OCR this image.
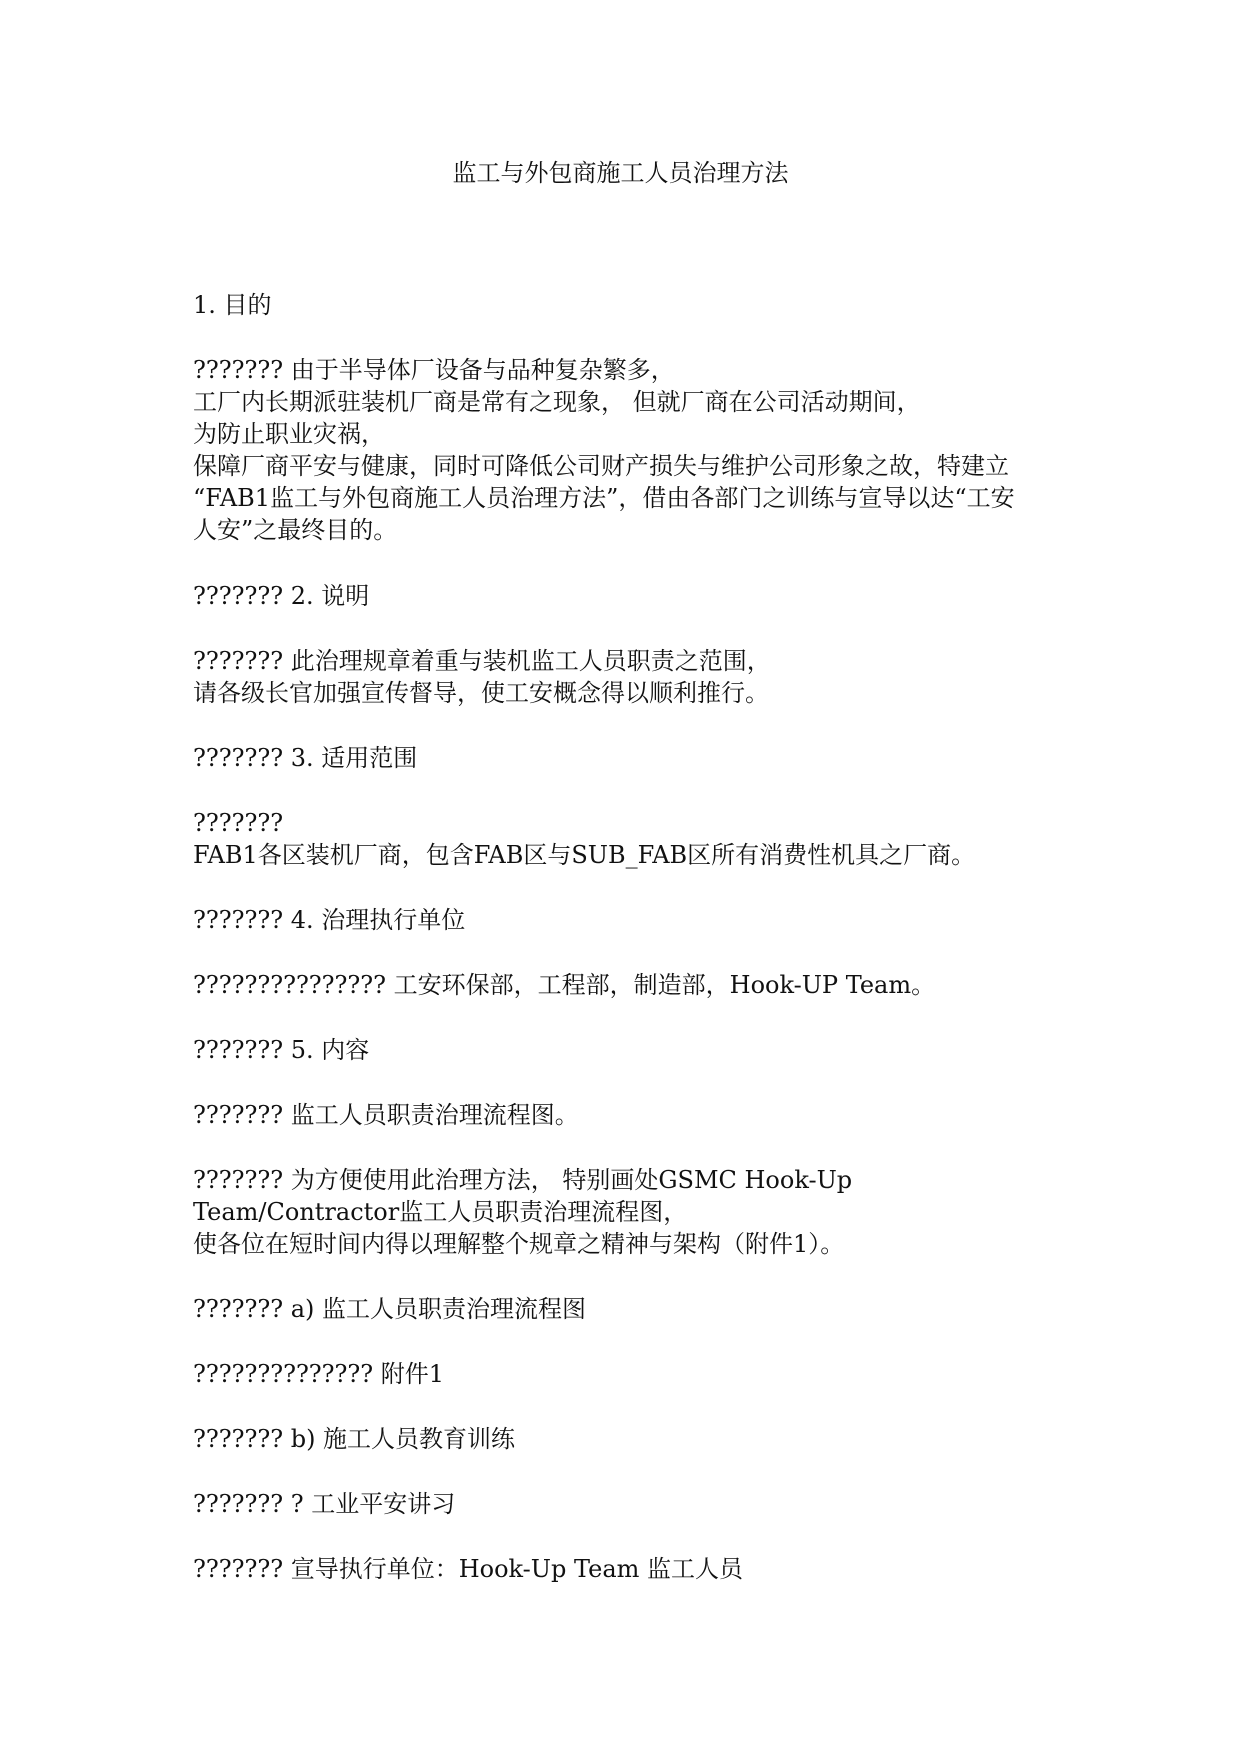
监工与外包商施工人员治理方法
1. 目的
??????? 由于半导体厂设备与品种复杂繁多，
工厂内长期派驻装机厂商是常有之现象， 但就厂商在公司活动期间，
为防止职业灾祸，
保障厂商平安与健康，同时可降低公司财产损失与维护公司形象之故，特建立
“FAB1监工与外包商施工人员治理方法”，借由各部门之训练与宣导以达“工安
人安”之最终目的。
??????? 2. 说明
??????? 此治理规章着重与装机监工人员职责之范围，
请各级长官加强宣传督导，使工安概念得以顺利推行。
??????? 3. 适用范围
???????
FAB1各区装机厂商，包含FAB区与SUB_FAB区所有消费性机具之厂商。
??????? 4. 治理执行单位
??????????????? 工安环保部，工程部，制造部，Hook-UP Team。
??????? 5. 内容
??????? 监工人员职责治理流程图。
??????? 为方便使用此治理方法， 特别画处GSMC Hook-Up
Team/Contractor监工人员职责治理流程图，
使各位在短时间内得以理解整个规章之精神与架构（附件1）。
??????? a) 监工人员职责治理流程图
?????????????? 附件1
??????? b) 施工人员教育训练
??????? ? 工业平安讲习
??????? 宣导执行单位：Hook-Up Team 监工人员
